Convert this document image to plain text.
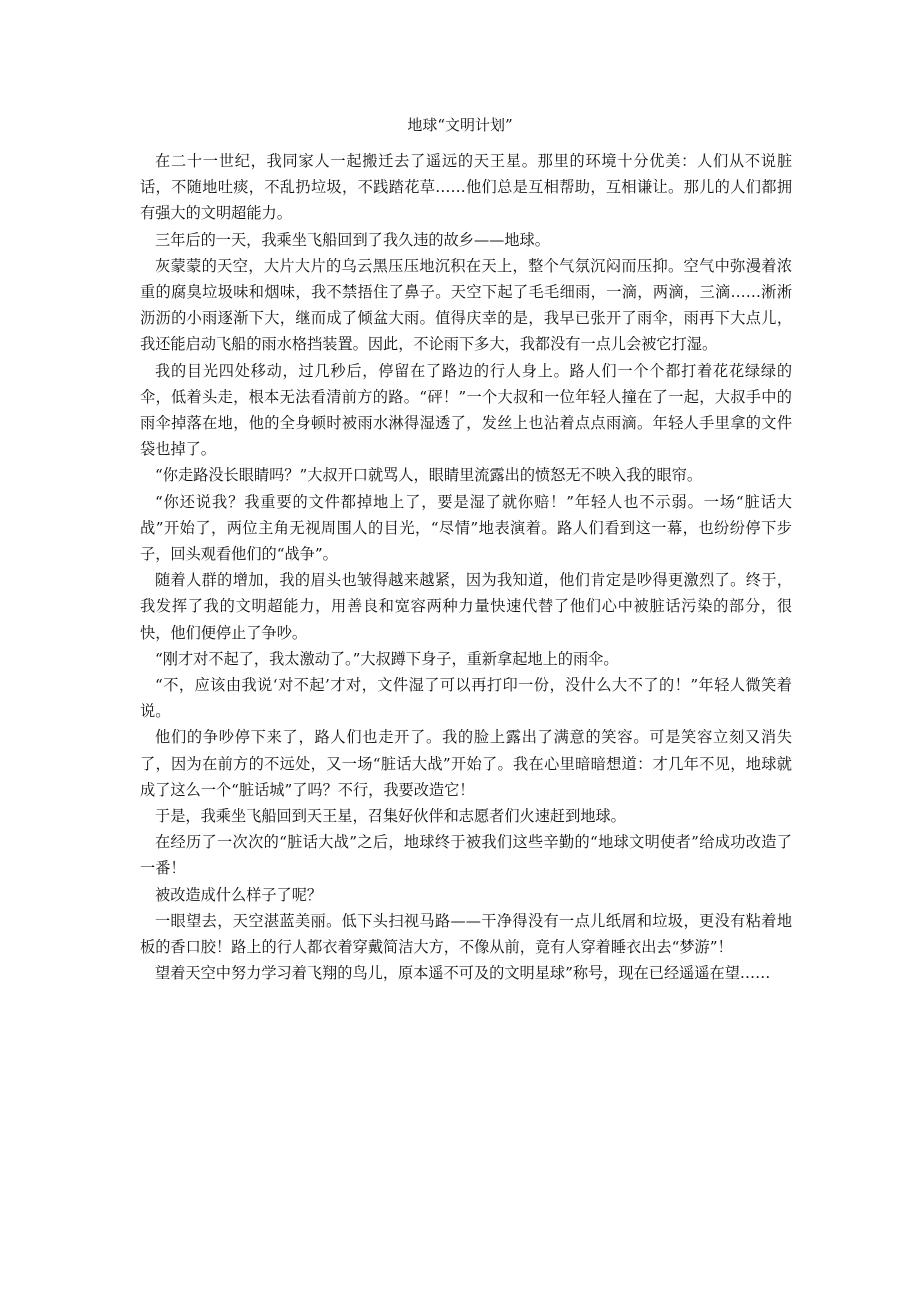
地球“文明计划”

在二十一世纪，我同家人一起搬迁去了遥远的天王星。那里的环境十分优美：人们从不说脏话，不随地吐痰，不乱扔垃圾，不践踏花草……他们总是互相帮助，互相谦让。那儿的人们都拥有强大的文明超能力。

三年后的一天，我乘坐飞船回到了我久违的故乡——地球。

灰蒙蒙的天空，大片大片的乌云黑压压地沉积在天上，整个气氛沉闷而压抑。空气中弥漫着浓重的腐臭垃圾味和烟味，我不禁捂住了鼻子。天空下起了毛毛细雨，一滴，两滴，三滴……淅淅沥沥的小雨逐渐下大，继而成了倾盆大雨。值得庆幸的是，我早已张开了雨伞，雨再下大点儿，我还能启动飞船的雨水格挡装置。因此，不论雨下多大，我都没有一点儿会被它打湿。

我的目光四处移动，过几秒后，停留在了路边的行人身上。路人们一个个都打着花花绿绿的伞，低着头走，根本无法看清前方的路。“砰！”一个大叔和一位年轻人撞在了一起，大叔手中的雨伞掉落在地，他的全身顿时被雨水淋得湿透了，发丝上也沾着点点雨滴。年轻人手里拿的文件袋也掉了。

“你走路没长眼睛吗？”大叔开口就骂人，眼睛里流露出的愤怒无不映入我的眼帘。

“你还说我？我重要的文件都掉地上了，要是湿了就你赔！”年轻人也不示弱。一场“脏话大战”开始了，两位主角无视周围人的目光，“尽情”地表演着。路人们看到这一幕，也纷纷停下步子，回头观看他们的“战争”。

随着人群的增加，我的眉头也皱得越来越紧，因为我知道，他们肯定是吵得更激烈了。终于，我发挥了我的文明超能力，用善良和宽容两种力量快速代替了他们心中被脏话污染的部分，很快，他们便停止了争吵。

“刚才对不起了，我太激动了。”大叔蹲下身子，重新拿起地上的雨伞。

“不，应该由我说‘对不起’才对，文件湿了可以再打印一份，没什么大不了的！”年轻人微笑着说。

他们的争吵停下来了，路人们也走开了。我的脸上露出了满意的笑容。可是笑容立刻又消失了，因为在前方的不远处，又一场“脏话大战”开始了。我在心里暗暗想道：才几年不见，地球就成了这么一个“脏话城”了吗？不行，我要改造它！

于是，我乘坐飞船回到天王星，召集好伙伴和志愿者们火速赶到地球。

在经历了一次次的“脏话大战”之后，地球终于被我们这些辛勤的“地球文明使者”给成功改造了一番！

被改造成什么样子了呢？

一眼望去，天空湛蓝美丽。低下头扫视马路——干净得没有一点儿纸屑和垃圾，更没有粘着地板的香口胶！路上的行人都衣着穿戴简洁大方，不像从前，竟有人穿着睡衣出去“梦游”！

望着天空中努力学习着飞翔的鸟儿，原本遥不可及的文明星球”称号，现在已经遥遥在望……
